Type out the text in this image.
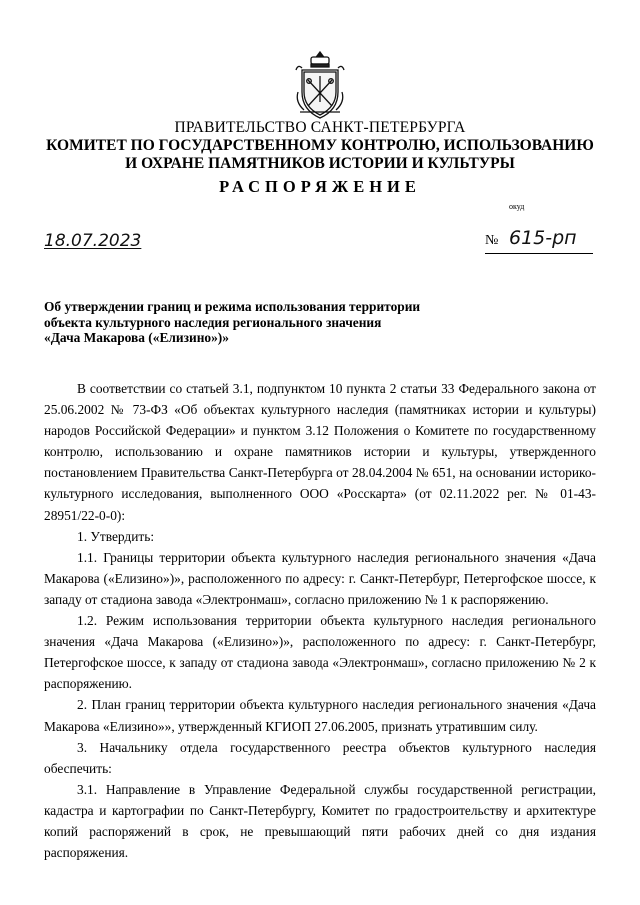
ПРАВИТЕЛЬСТВО САНКТ-ПЕТЕРБУРГА
КОМИТЕТ ПО ГОСУДАРСТВЕННОМУ КОНТРОЛЮ, ИСПОЛЬЗОВАНИЮ
И ОХРАНЕ ПАМЯТНИКОВ ИСТОРИИ И КУЛЬТУРЫ
РАСПОРЯЖЕНИЕ
окуд
18.07.2023	№ 615-рп
Об утверждении границ и режима использования территории
объекта культурного наследия регионального значения
«Дача Макарова («Елизино»)»

В соответствии со статьей 3.1, подпунктом 10 пункта 2 статьи 33 Федерального закона от 25.06.2002 № 73-ФЗ «Об объектах культурного наследия (памятниках истории и культуры) народов Российской Федерации» и пунктом 3.12 Положения о Комитете по государственному контролю, использованию и охране памятников истории и культуры, утвержденного постановлением Правительства Санкт-Петербурга от 28.04.2004 № 651, на основании историко-культурного исследования, выполненного ООО «Росскарта» (от 02.11.2022 рег. № 01-43-28951/22-0-0):

1. Утвердить:

1.1. Границы территории объекта культурного наследия регионального значения «Дача Макарова («Елизино»)», расположенного по адресу: г. Санкт-Петербург, Петергофское шоссе, к западу от стадиона завода «Электронмаш», согласно приложению № 1 к распоряжению.

1.2. Режим использования территории объекта культурного наследия регионального значения «Дача Макарова («Елизино»)», расположенного по адресу: г. Санкт-Петербург, Петергофское шоссе, к западу от стадиона завода «Электронмаш», согласно приложению № 2 к распоряжению.

2. План границ территории объекта культурного наследия регионального значения «Дача Макарова «Елизино»», утвержденный КГИОП 27.06.2005, признать утратившим силу.

3. Начальнику отдела государственного реестра объектов культурного наследия обеспечить:

3.1. Направление в Управление Федеральной службы государственной регистрации, кадастра и картографии по Санкт-Петербургу, Комитет по градостроительству и архитектуре копий распоряжений в срок, не превышающий пяти рабочих дней со дня издания распоряжения.
